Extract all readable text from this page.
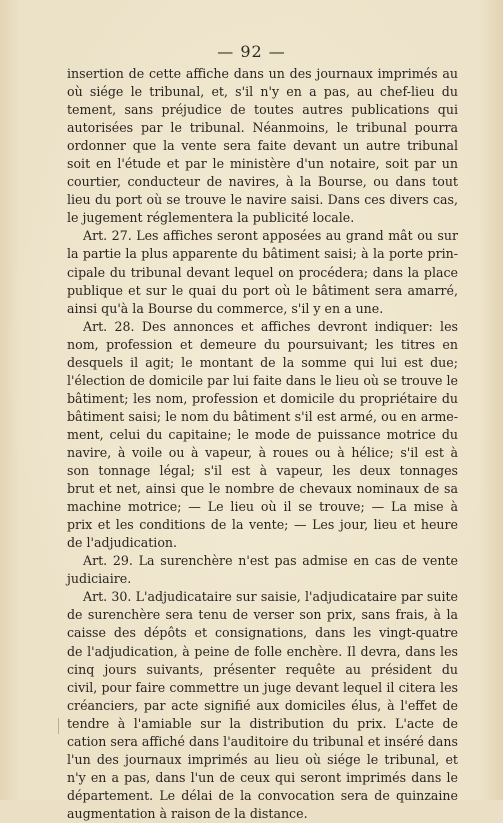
— 92 —
insertion de cette affiche dans un des journaux imprimés au
où siége le tribunal, et, s'il n'y en a pas, au chef-lieu du
tement, sans préjudice de toutes autres publications qui
autorisées par le tribunal. Néanmoins, le tribunal pourra
ordonner que la vente sera faite devant un autre tribunal
soit en l'étude et par le ministère d'un notaire, soit par un
courtier, conducteur de navires, à la Bourse, ou dans tout
lieu du port où se trouve le navire saisi. Dans ces divers cas,
le jugement réglementera la publicité locale.
Art. 27. Les affiches seront apposées au grand mât ou sur
la partie la plus apparente du bâtiment saisi; à la porte prin-
cipale du tribunal devant lequel on procédera; dans la place
publique et sur le quai du port où le bâtiment sera amarré,
ainsi qu'à la Bourse du commerce, s'il y en a une.
Art. 28. Des annonces et affiches devront indiquer: les
nom, profession et demeure du poursuivant; les titres en
desquels il agit; le montant de la somme qui lui est due;
l'élection de domicile par lui faite dans le lieu où se trouve le
bâtiment; les nom, profession et domicile du propriétaire du
bâtiment saisi; le nom du bâtiment s'il est armé, ou en arme-
ment, celui du capitaine; le mode de puissance motrice du
navire, à voile ou à vapeur, à roues ou à hélice; s'il est à
son tonnage légal; s'il est à vapeur, les deux tonnages
brut et net, ainsi que le nombre de chevaux nominaux de sa
machine motrice; — Le lieu où il se trouve; — La mise à
prix et les conditions de la vente; — Les jour, lieu et heure
de l'adjudication.
Art. 29. La surenchère n'est pas admise en cas de vente
judiciaire.
Art. 30. L'adjudicataire sur saisie, l'adjudicataire par suite
de surenchère sera tenu de verser son prix, sans frais, à la
caisse des dépôts et consignations, dans les vingt-quatre
de l'adjudication, à peine de folle enchère. Il devra, dans les
cinq jours suivants, présenter requête au président du
civil, pour faire commettre un juge devant lequel il citera les
créanciers, par acte signifié aux domiciles élus, à l'effet de
tendre à l'amiable sur la distribution du prix. L'acte de
cation sera affiché dans l'auditoire du tribunal et inséré dans
l'un des journaux imprimés au lieu où siége le tribunal, et
n'y en a pas, dans l'un de ceux qui seront imprimés dans le
département. Le délai de la convocation sera de quinzaine
augmentation à raison de la distance.
